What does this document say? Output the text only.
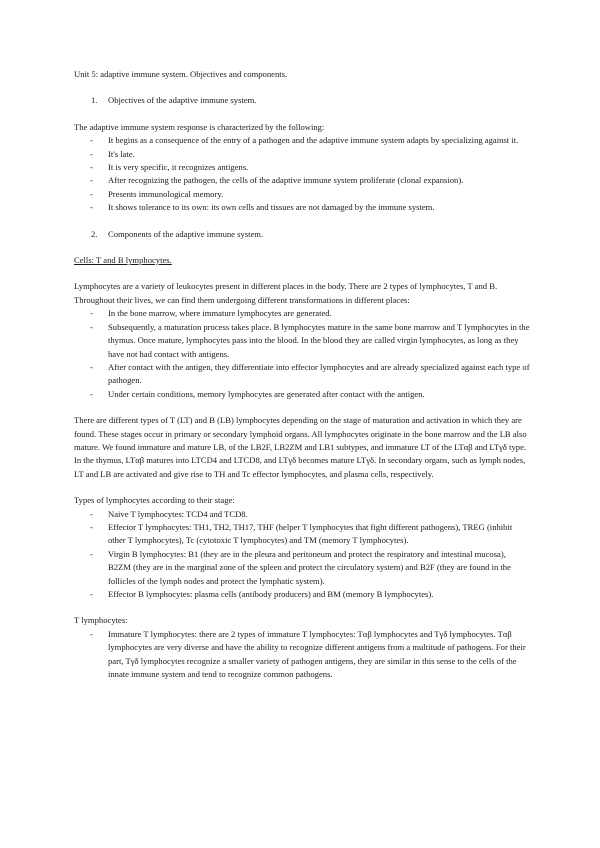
Unit 5: adaptive immune system. Objectives and components.

1. Objectives of the adaptive immune system.

The adaptive immune system response is characterized by the following:

- It begins as a consequence of the entry of a pathogen and the adaptive immune system adapts by specializing against it.
- It's late.
- It is very specific, it recognizes antigens.
- After recognizing the pathogen, the cells of the adaptive immune system proliferate (clonal expansion).
- Presents immunological memory.
- It shows tolerance to its own: its own cells and tissues are not damaged by the immune system.
2. Components of the adaptive immune system.

Cells: T and B lymphocytes.

Lymphocytes are a variety of leukocytes present in different places in the body. There are 2 types of lymphocytes, T and B. Throughout their lives, we can find them undergoing different transformations in different places:

- In the bone marrow, where immature lymphocytes are generated.
- Subsequently, a maturation process takes place. B lymphocytes mature in the same bone marrow and T lymphocytes in the thymus. Once mature, lymphocytes pass into the blood. In the blood they are called virgin lymphocytes, as long as they have not had contact with antigens.
- After contact with the antigen, they differentiate into effector lymphocytes and are already specialized against each type of pathogen.
- Under certain conditions, memory lymphocytes are generated after contact with the antigen.

There are different types of T (LT) and B (LB) lymphocytes depending on the stage of maturation and activation in which they are found. These stages occur in primary or secondary lymphoid organs. All lymphocytes originate in the bone marrow and the LB also mature. We found immature and mature LB, of the LB2F, LB2ZM and LB1 subtypes, and immature LT of the LTαβ and LTγδ type. In the thymus, LTαβ matures into LTCD4 and LTCD8, and LTγδ becomes mature LTγδ. In secondary organs, such as lymph nodes, LT and LB are activated and give rise to TH and Tc effector lymphocytes, and plasma cells, respectively.

Types of lymphocytes according to their stage:

- Naive T lymphocytes: TCD4 and TCD8.
- Effector T lymphocytes: TH1, TH2, TH17, THF (helper T lymphocytes that fight different pathogens), TREG (inhibit other T lymphocytes), Tc (cytotoxic T lymphocytes) and TM (memory T lymphocytes).
- Virgin B lymphocytes: B1 (they are in the pleura and peritoneum and protect the respiratory and intestinal mucosa), B2ZM (they are in the marginal zone of the spleen and protect the circulatory system) and B2F (they are found in the follicles of the lymph nodes and protect the lymphatic system).
- Effector B lymphocytes: plasma cells (antibody producers) and BM (memory B lymphocytes).

T lymphocytes:

- Immature T lymphocytes: there are 2 types of immature T lymphocytes: Tαβ lymphocytes and Tγδ lymphocytes. Tαβ lymphocytes are very diverse and have the ability to recognize different antigens from a multitude of pathogens. For their part, Tγδ lymphocytes recognize a smaller variety of pathogen antigens, they are similar in this sense to the cells of the innate immune system and tend to recognize common pathogens.
